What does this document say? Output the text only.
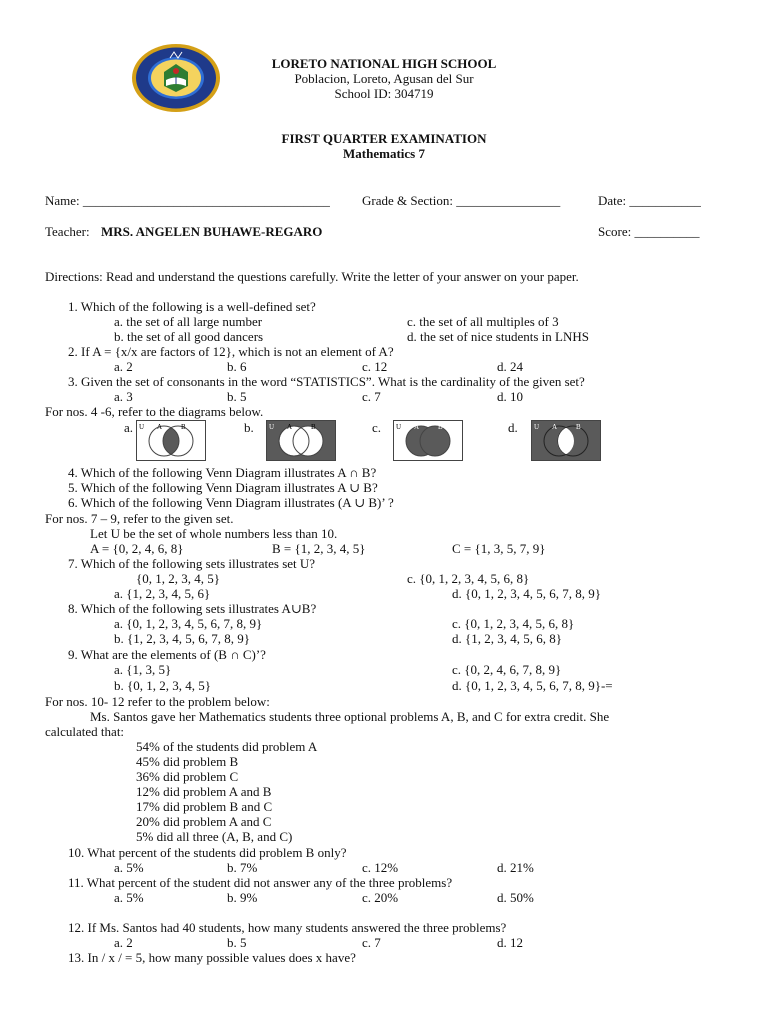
LORETO NATIONAL HIGH SCHOOL
Poblacion, Loreto, Agusan del Sur
School ID: 304719
FIRST QUARTER EXAMINATION
Mathematics 7
Name: ______________________________________ Grade & Section: ________________	Date: ___________
Teacher: MRS. ANGELEN BUHAWE-REGARO	Score: __________
Directions: Read and understand the questions carefully. Write the letter of your answer on your paper.
1. Which of the following is a well-defined set?
a. the set of all large number	c. the set of all multiples of 3
b. the set of all good dancers	d. the set of nice students in LNHS
2. If A = {x/x are factors of 12}, which is not an element of A?
a. 2	b. 6	c. 12	d. 24
3. Given the set of consonants in the word “STATISTICS”. What is the cardinality of the given set?
a. 3	b. 5	c. 7	d. 10
For nos. 4 -6, refer to the diagrams below.
a. U A	B	b. U A	B	c. U A	B	d. U A	B
4. Which of the following Venn Diagram illustrates A ∩ B?
5. Which of the following Venn Diagram illustrates A ∪ B?
6. Which of the following Venn Diagram illustrates (A ∪ B)’ ?
For nos. 7 – 9, refer to the given set.
Let U be the set of whole numbers less than 10.
A = {0, 2, 4, 6, 8}	B = {1, 2, 3, 4, 5}	C = {1, 3, 5, 7, 9}
7. Which of the following sets illustrates set U?
{0, 1, 2, 3, 4, 5}	c. {0, 1, 2, 3, 4, 5, 6, 8}
a. {1, 2, 3, 4, 5, 6}	d. {0, 1, 2, 3, 4, 5, 6, 7, 8, 9}
8. Which of the following sets illustrates A∪B?
a. {0, 1, 2, 3, 4, 5, 6, 7, 8, 9}	c. {0, 1, 2, 3, 4, 5, 6, 8}
b. {1, 2, 3, 4, 5, 6, 7, 8, 9}	d. {1, 2, 3, 4, 5, 6, 8}
9. What are the elements of (B ∩ C)’?
a. {1, 3, 5}	c. {0, 2, 4, 6, 7, 8, 9}
b. {0, 1, 2, 3, 4, 5}	d. {0, 1, 2, 3, 4, 5, 6, 7, 8, 9}-=
For nos. 10- 12 refer to the problem below:
Ms. Santos gave her Mathematics students three optional problems A, B, and C for extra credit. She
calculated that:
54% of the students did problem A
45% did problem B
36% did problem C
12% did problem A and B
17% did problem B and C
20% did problem A and C
5% did all three (A, B, and C)
10. What percent of the students did problem B only?
a. 5%	b. 7%	c. 12%	d. 21%
11. What percent of the student did not answer any of the three problems?
a. 5%	b. 9%	c. 20%	d. 50%
12. If Ms. Santos had 40 students, how many students answered the three problems?
a. 2	b. 5	c. 7	d. 12
13. In / x / = 5, how many possible values does x have?
